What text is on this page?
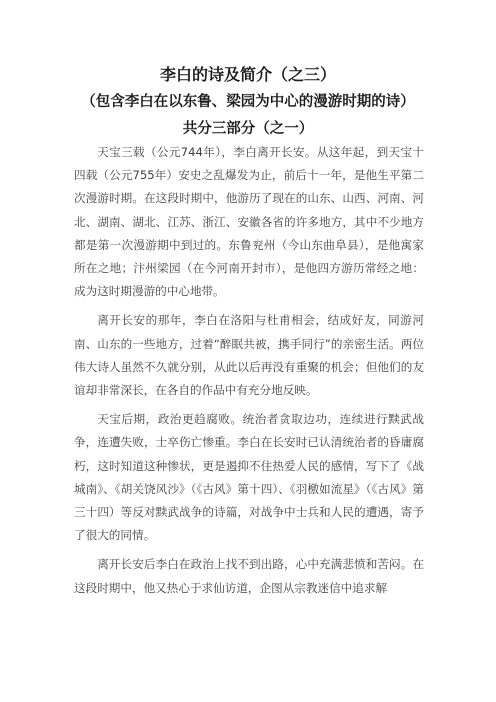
李白的诗及简介（之三）
（包含李白在以东鲁、梁园为中心的漫游时期的诗）
共分三部分（之一）

天宝三载（公元744年），李白离开长安。从这年起，到天宝十四载（公元755年）安史之乱爆发为止，前后十一年，是他生平第二次漫游时期。在这段时期中，他游历了现在的山东、山西、河南、河北、湖南、湖北、江苏、浙江、安徽各省的许多地方，其中不少地方都是第一次漫游期中到过的。东鲁兖州（今山东曲阜县），是他寓家所在之地；汴州梁园（在今河南开封市），是他四方游历常经之地：成为这时期漫游的中心地带。

离开长安的那年，李白在洛阳与杜甫相会，结成好友，同游河南、山东的一些地方，过着“醉眠共被，携手同行”的亲密生活。两位伟大诗人虽然不久就分别，从此以后再没有重聚的机会；但他们的友谊却非常深长，在各自的作品中有充分地反映。

天宝后期，政治更趋腐败。统治者贪取边功，连续进行黩武战争，连遭失败，士卒伤亡惨重。李白在长安时已认清统治者的昏庸腐朽，这时知道这种惨状，更是遏抑不住热爱人民的感情，写下了《战城南》、《胡关饶风沙》（《古风》第十四）、《羽檄如流星》（《古风》第三十四）等反对黩武战争的诗篇，对战争中士兵和人民的遭遇，寄予了很大的同情。

离开长安后李白在政治上找不到出路，心中充满悲愤和苦闷。在这段时期中，他又热心于求仙访道，企图从宗教迷信中追求解
